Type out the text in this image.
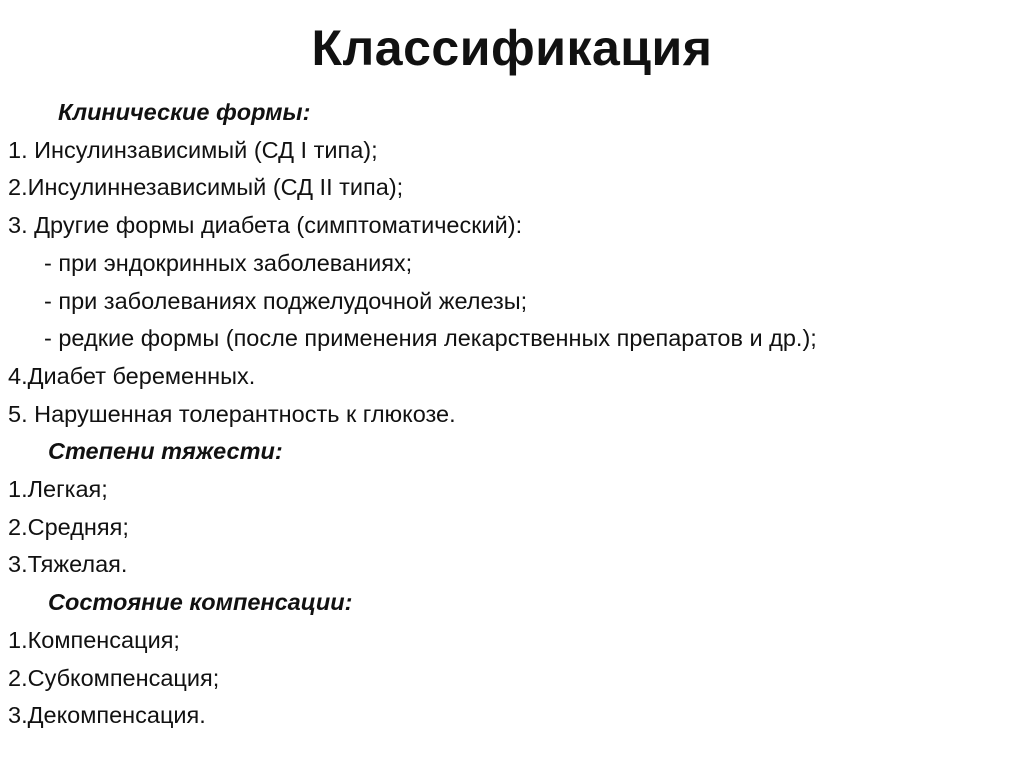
Классификация
Клинические формы:
1. Инсулинзависимый (СД I типа);
2.Инсулиннезависимый (СД II типа);
3. Другие формы диабета (симптоматический):
- при эндокринных заболеваниях;
- при заболеваниях поджелудочной железы;
- редкие формы (после применения лекарственных препаратов и др.);
4.Диабет беременных.
5. Нарушенная толерантность к глюкозе.
Степени тяжести:
1.Легкая;
2.Средняя;
3.Тяжелая.
Состояние компенсации:
1.Компенсация;
2.Субкомпенсация;
3.Декомпенсация.
